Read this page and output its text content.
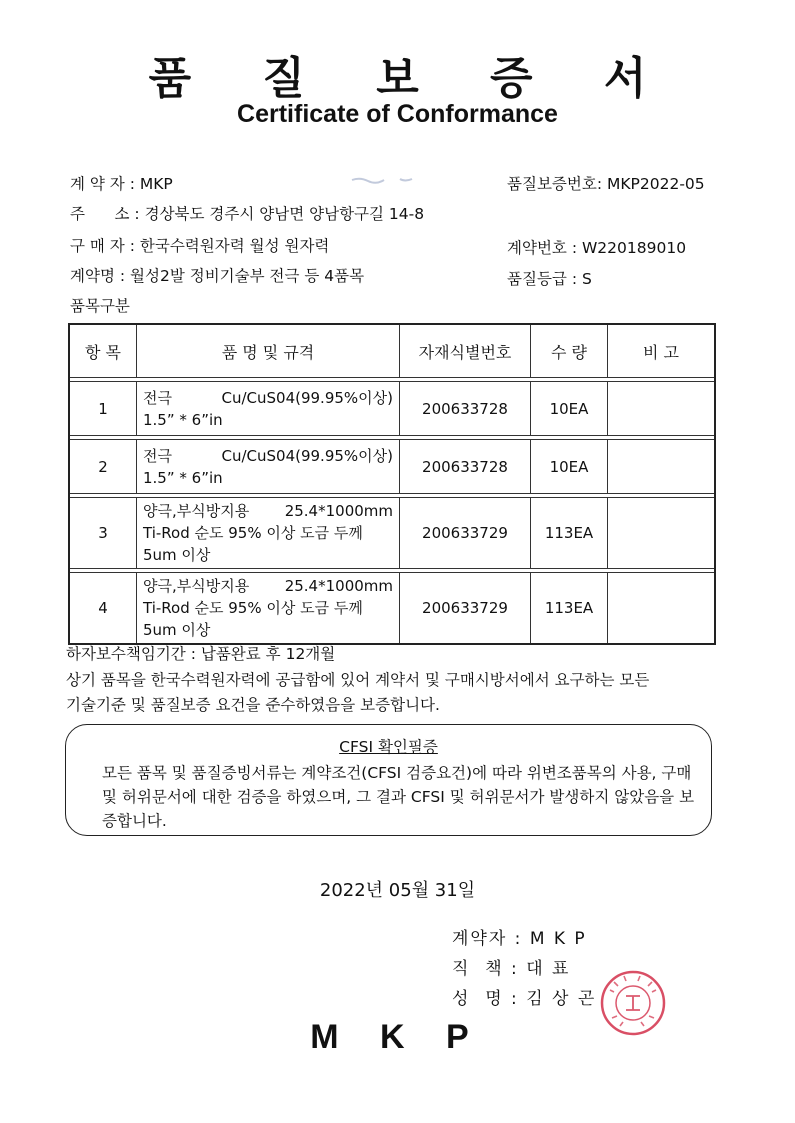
품 질 보 증 서
Certificate of Conformance
계 약 자 : MKP	품질보증번호: MKP2022-05
주      소 : 경상북도 경주시 양남면 양남항구길 14-8
구 매 자 : 한국수력원자력 월성 원자력	계약번호 : W220189010
계약명 : 월성2발 정비기술부 전극 등 4품목	품질등급 : S
품목구분
항 목	품 명 및 규격	자재식별번호	수 량	비 고

1	전극 Cu/CuS04(99.95%이상)
1.5” * 6”in	200633728	10EA	

2	전극 Cu/CuS04(99.95%이상)
1.5” * 6”in	200633728	10EA	

3	양극,부식방지용 25.4*1000mm
Ti-Rod 순도 95% 이상 도금 두께
5um 이상	200633729	113EA	

4	양극,부식방지용 25.4*1000mm
Ti-Rod 순도 95% 이상 도금 두께
5um 이상	200633729	113EA	
하자보수책임기간 : 납품완료 후 12개월
상기 품목을 한국수력원자력에 공급함에 있어 계약서 및 구매시방서에서 요구하는 모든
기술기준 및 품질보증 요건을 준수하였음을 보증합니다.
CFSI 확인필증
모든 품목 및 품질증빙서류는 계약조건(CFSI 검증요건)에 따라 위변조품목의 사용, 구매 및 허위문서에 대한 검증을 하였으며, 그 결과 CFSI 및 허위문서가 발생하지 않았음을 보증합니다.
2022년 05월 31일
계약자 : M K P
직  책 : 대 표
성  명 : 김 상 곤
M K P
